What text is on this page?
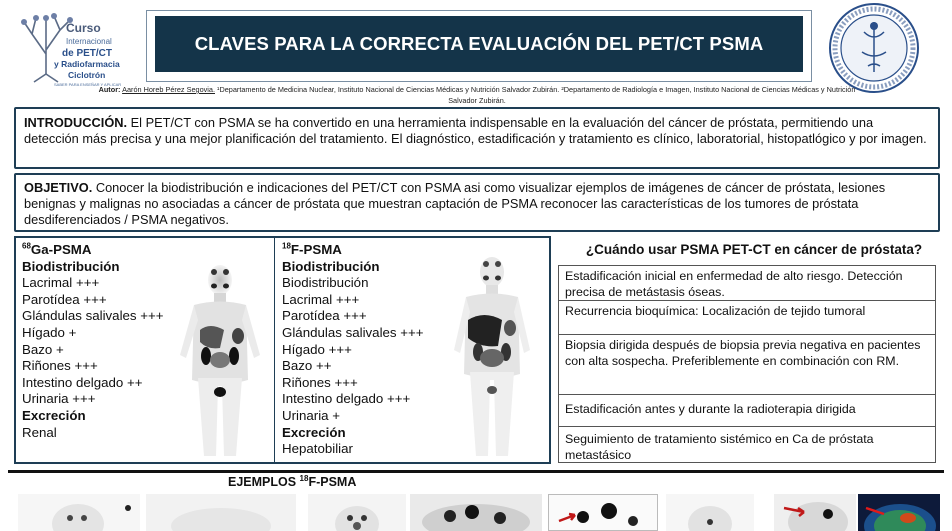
Curso
Internacional
de PET/CT
y Radiofarmacia
Ciclotrón
SABER PARA ENSEÑAR Y APLICAR
CLAVES PARA LA CORRECTA EVALUACIÓN DEL PET/CT PSMA
Autor: Aarón Horeb Pérez Segovia. ¹Departamento de Medicina Nuclear, Instituto Nacional de Ciencias Médicas y Nutrición Salvador Zubirán. ²Departamento de Radiología e Imagen, Instituto Nacional de Ciencias Médicas y Nutrición Salvador Zubirán.
INTRODUCCIÓN. El PET/CT con PSMA se ha convertido en una herramienta indispensable en la evaluación del cáncer de próstata, permitiendo una detección más precisa y una mejor planificación del tratamiento. El diagnóstico, estadificación y tratamiento es clínico, laboratorial, histopatlógico y por imagen.
OBJETIVO. Conocer la biodistribución e indicaciones del PET/CT con PSMA asi como visualizar ejemplos de imágenes de cáncer de próstata, lesiones benignas y malignas no asociadas a cáncer de próstata que muestran captación de PSMA reconocer las características de los tumores de próstata desdiferenciados / PSMA negativos.
$^{68}$Ga-PSMA
Biodistribución
Lacrimal +++
Parotídea +++
Glándulas salivales +++
Hígado +
Bazo +
Riñones +++
Intestino delgado ++
Urinaria +++
Excreción
Renal
$^{18}$F-PSMA
Biodistribución
Biodistribución
Lacrimal +++
Parotídea +++
Glándulas salivales +++
Hígado +++
Bazo ++
Riñones +++
Intestino delgado +++
Urinaria +
Excreción
Hepatobiliar
¿Cuándo usar PSMA PET-CT en cáncer de próstata?
Estadificación inicial en enfermedad de alto riesgo. Detección precisa de metástasis óseas.
Recurrencia bioquímica: Localización de tejido tumoral
Biopsia dirigida después de biopsia previa negativa en pacientes con alta sospecha. Preferiblemente en combinación con RM.
Estadificación antes y durante la radioterapia dirigida
Seguimiento de tratamiento sistémico en Ca de próstata metastásico
EJEMPLOS $^{18}$F-PSMA
